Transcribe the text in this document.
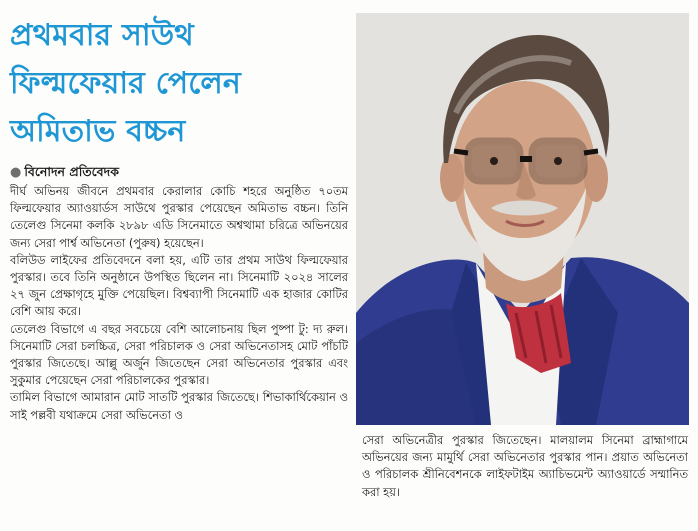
প্রথমবার সাউথ
ফিল্মফেয়ার পেলেন
অমিতাভ বচ্চন
● বিনোদন প্রতিবেদক

দীর্ঘ অভিনয় জীবনে প্রথমবার কেরালার কোচি শহরে অনুষ্ঠিত ৭০তম ফিল্মফেয়ার অ্যাওয়ার্ডস সাউথে পুরস্কার পেয়েছেন অমিতাভ বচ্চন। তিনি তেলেগু সিনেমা কলকি ২৮৯৮ এডি সিনেমাতে অশ্বত্থামা চরিত্রে অভিনয়ের জন্য সেরা পার্শ্ব অভিনেতা (পুরুষ) হয়েছেন।

বলিউড লাইফের প্রতিবেদনে বলা হয়, এটি তার প্রথম সাউথ ফিল্মফেয়ার পুরস্কার। তবে তিনি অনুষ্ঠানে উপস্থিত ছিলেন না। সিনেমাটি ২০২৪ সালের ২৭ জুন প্রেক্ষাগৃহে মুক্তি পেয়েছিল। বিশ্বব্যাপী সিনেমাটি এক হাজার কোটির বেশি আয় করে।

তেলেগু বিভাগে এ বছর সবচেয়ে বেশি আলোচনায় ছিল পুষ্পা টু: দ্য রুল। সিনেমাটি সেরা চলচ্চিত্র, সেরা পরিচালক ও সেরা অভিনেতাসহ মোট পাঁচটি পুরস্কার জিতেছে। আল্লু অর্জুন জিতেছেন সেরা অভিনেতার পুরস্কার এবং সুকুমার পেয়েছেন সেরা পরিচালকের পুরস্কার।

তামিল বিভাগে আমারান মোট সাতটি পুরস্কার জিতেছে। শিভাকার্থিকেয়ান ও সাই পল্লবী যথাক্রমে সেরা অভিনেতা ও

সেরা অভিনেত্রীর পুরস্কার জিতেছেন। মালয়ালম সিনেমা ব্রাহ্মাগামে অভিনয়ের জন্য মামুর্থি সেরা অভিনেতার পুরস্কার পান। প্রয়াত অভিনেতা ও পরিচালক শ্রীনিবেশনকে লাইফটাইম অ্যাচিভমেন্ট অ্যাওয়ার্ডে সম্মানিত করা হয়।
